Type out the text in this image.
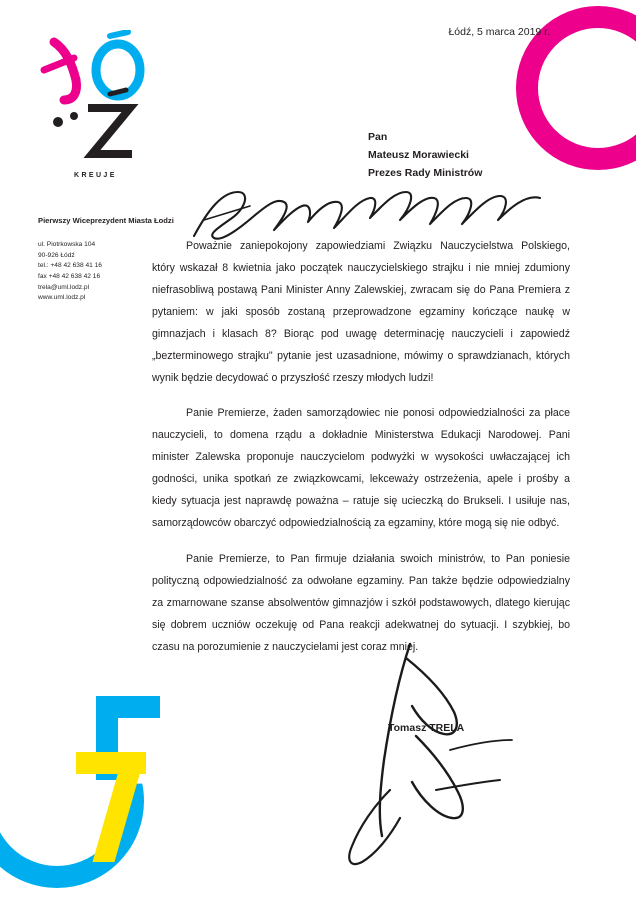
KREUJE
Łódź, 5 marca 2019 r.
Pan
Mateusz Morawiecki
Prezes Rady Ministrów
Pierwszy Wiceprezydent Miasta Łodzi
ul. Piotrkowska 104
90-926 Łódź
tel.: +48 42 638 41 16
fax +48 42 638 42 16
trela@uml.lodz.pl
www.uml.lodz.pl

Poważnie zaniepokojony zapowiedziami Związku Nauczycielstwa Polskiego, który wskazał 8 kwietnia jako początek nauczycielskiego strajku i nie mniej zdumiony niefrasobliwą postawą Pani Minister Anny Zalewskiej, zwracam się do Pana Premiera z pytaniem: w jaki sposób zostaną przeprowadzone egzaminy kończące naukę w gimnazjach i klasach 8? Biorąc pod uwagę determinację nauczycieli i zapowiedź „bezterminowego strajku" pytanie jest uzasadnione, mówimy o sprawdzianach, których wynik będzie decydować o przyszłość rzeszy młodych ludzi!

Panie Premierze, żaden samorządowiec nie ponosi odpowiedzialności za płace nauczycieli, to domena rządu a dokładnie Ministerstwa Edukacji Narodowej. Pani minister Zalewska proponuje nauczycielom podwyżki w wysokości uwłaczającej ich godności, unika spotkań ze związkowcami, lekceważy ostrzeżenia, apele i prośby a kiedy sytuacja jest naprawdę poważna – ratuje się ucieczką do Brukseli. I usiłuje nas, samorządowców obarczyć odpowiedzialnością za egzaminy, które mogą się nie odbyć.

Panie Premierze, to Pan firmuje działania swoich ministrów, to Pan poniesie polityczną odpowiedzialność za odwołane egzaminy. Pan także będzie odpowiedzialny za zmarnowane szanse absolwentów gimnazjów i szkół podstawowych, dlatego kierując się dobrem uczniów oczekuję od Pana reakcji adekwatnej do sytuacji. I szybkiej, bo czasu na porozumienie z nauczycielami jest coraz mniej.

Tomasz TRELA
